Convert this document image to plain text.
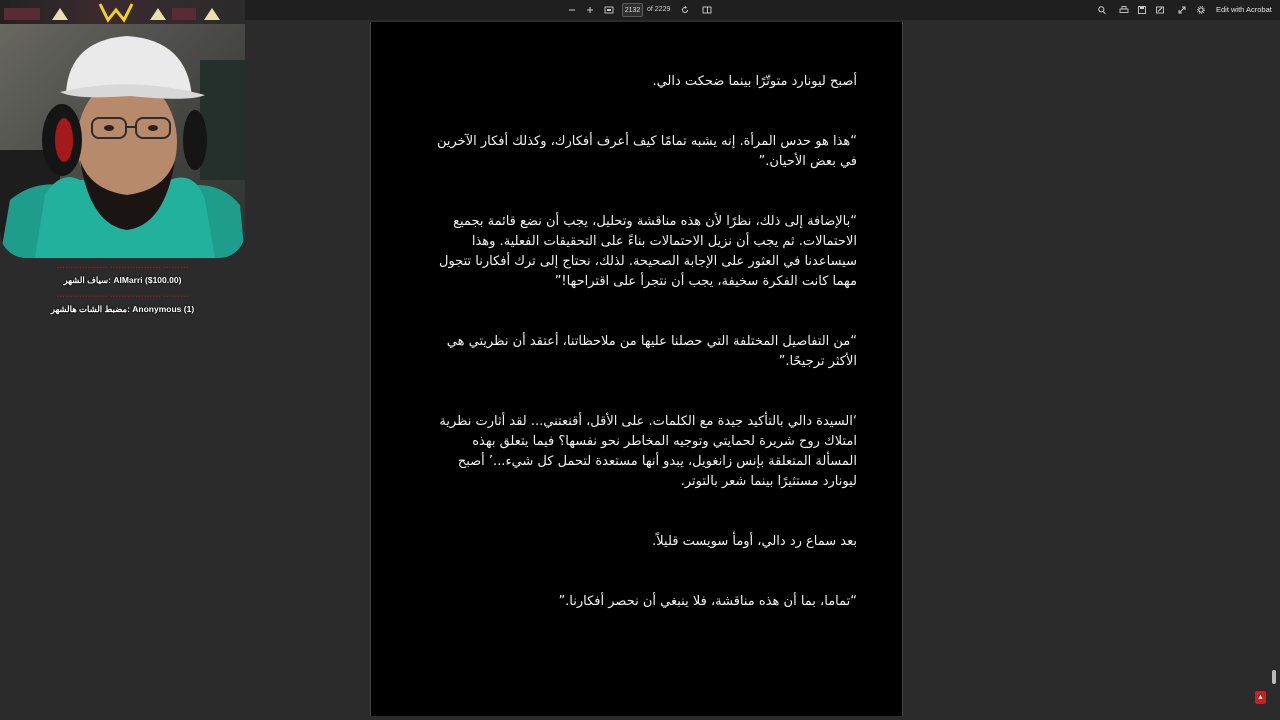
2132
of 2229	Edit with Acrobat

أصبح ليونارد متوتّرًا بينما ضحكت دالي.

“هذا هو حدس المرأة. إنه يشبه تمامًا كيف أعرف أفكارك، وكذلك أفكار الآخرين في بعض الأحيان.”

“بالإضافة إلى ذلك، نظرًا لأن هذه مناقشة وتحليل، يجب أن نضع قائمة بجميع الاحتمالات. ثم يجب أن نزيل الاحتمالات بناءً على التحقيقات الفعلية. وهذا سيساعدنا في العثور على الإجابة الصحيحة. لذلك، نحتاج إلى ترك أفكارنا تتجول مهما كانت الفكرة سخيفة، يجب أن نتجرأ على اقتراحها!”

“من التفاصيل المختلفة التي حصلنا عليها من ملاحظاتنا، أعتقد أن نظريتي هي الأكثر ترجيحًا.”

‘السيدة دالي بالتأكيد جيدة مع الكلمات. على الأقل، أقنعتني... لقد أثارت نظرية امتلاك روح شريرة لحمايتي وتوجيه المخاطر نحو نفسها؟ فيما يتعلق بهذه المسألة المتعلقة بإنس زانغويل، يبدو أنها مستعدة لتحمل كل شيء...’ أصبح ليونارد مستثيرًا بينما شعر بالتوتر.

بعد سماع رد دالي، أومأ سويست قليلاً.

“تماما، بما أن هذه مناقشة، فلا ينبغي أن نحصر أفكارنا.”

▲
……………… ……………… ………
سياف الشهر: AlMarri ($100.00)
……………… ……………… ………
مضبط الشات هالشهر: Anonymous (1)
